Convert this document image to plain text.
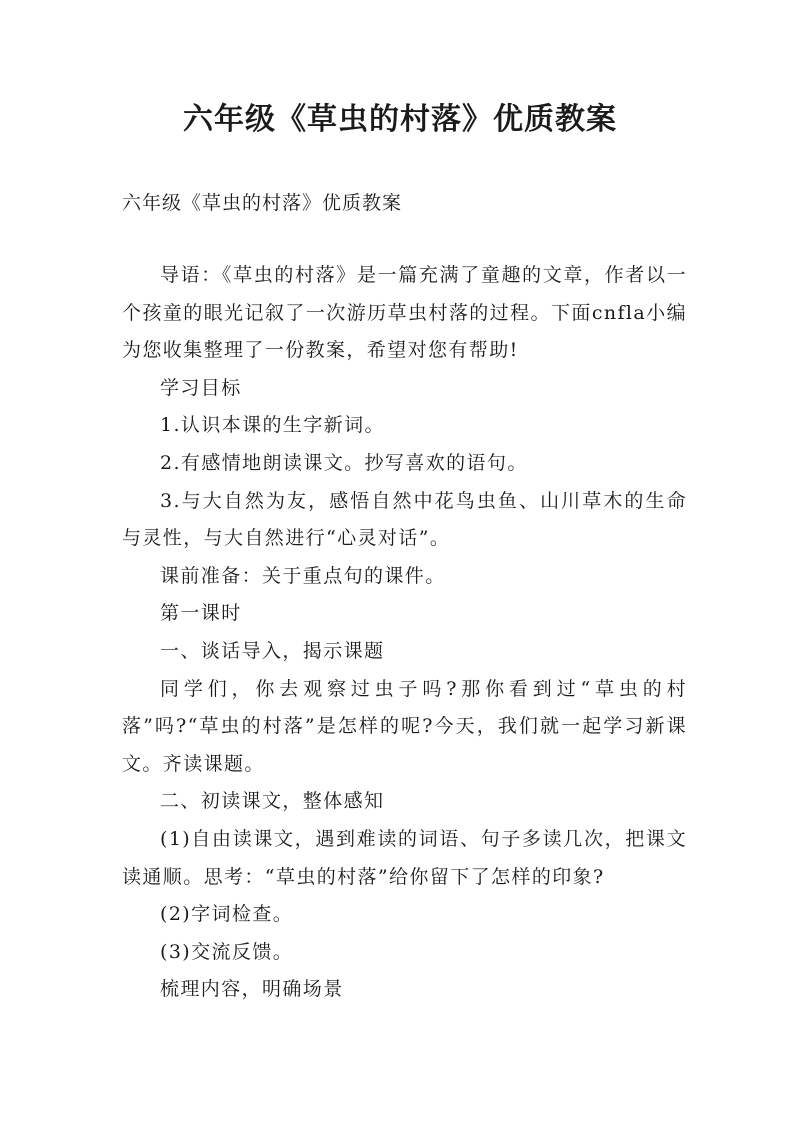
六年级《草虫的村落》优质教案

六年级《草虫的村落》优质教案

导语：《草虫的村落》是一篇充满了童趣的文章，作者以一个孩童的眼光记叙了一次游历草虫村落的过程。下面cnfla小编为您收集整理了一份教案，希望对您有帮助!

学习目标

1.认识本课的生字新词。

2.有感情地朗读课文。抄写喜欢的语句。

3.与大自然为友，感悟自然中花鸟虫鱼、山川草木的生命与灵性，与大自然进行“心灵对话”。

课前准备：关于重点句的课件。

第一课时

一、谈话导入，揭示课题

同学们，你去观察过虫子吗?那你看到过“草虫的村落”吗?“草虫的村落”是怎样的呢?今天，我们就一起学习新课文。齐读课题。

二、初读课文，整体感知

(1)自由读课文，遇到难读的词语、句子多读几次，把课文读通顺。思考：“草虫的村落”给你留下了怎样的印象?

(2)字词检查。

(3)交流反馈。

梳理内容，明确场景
